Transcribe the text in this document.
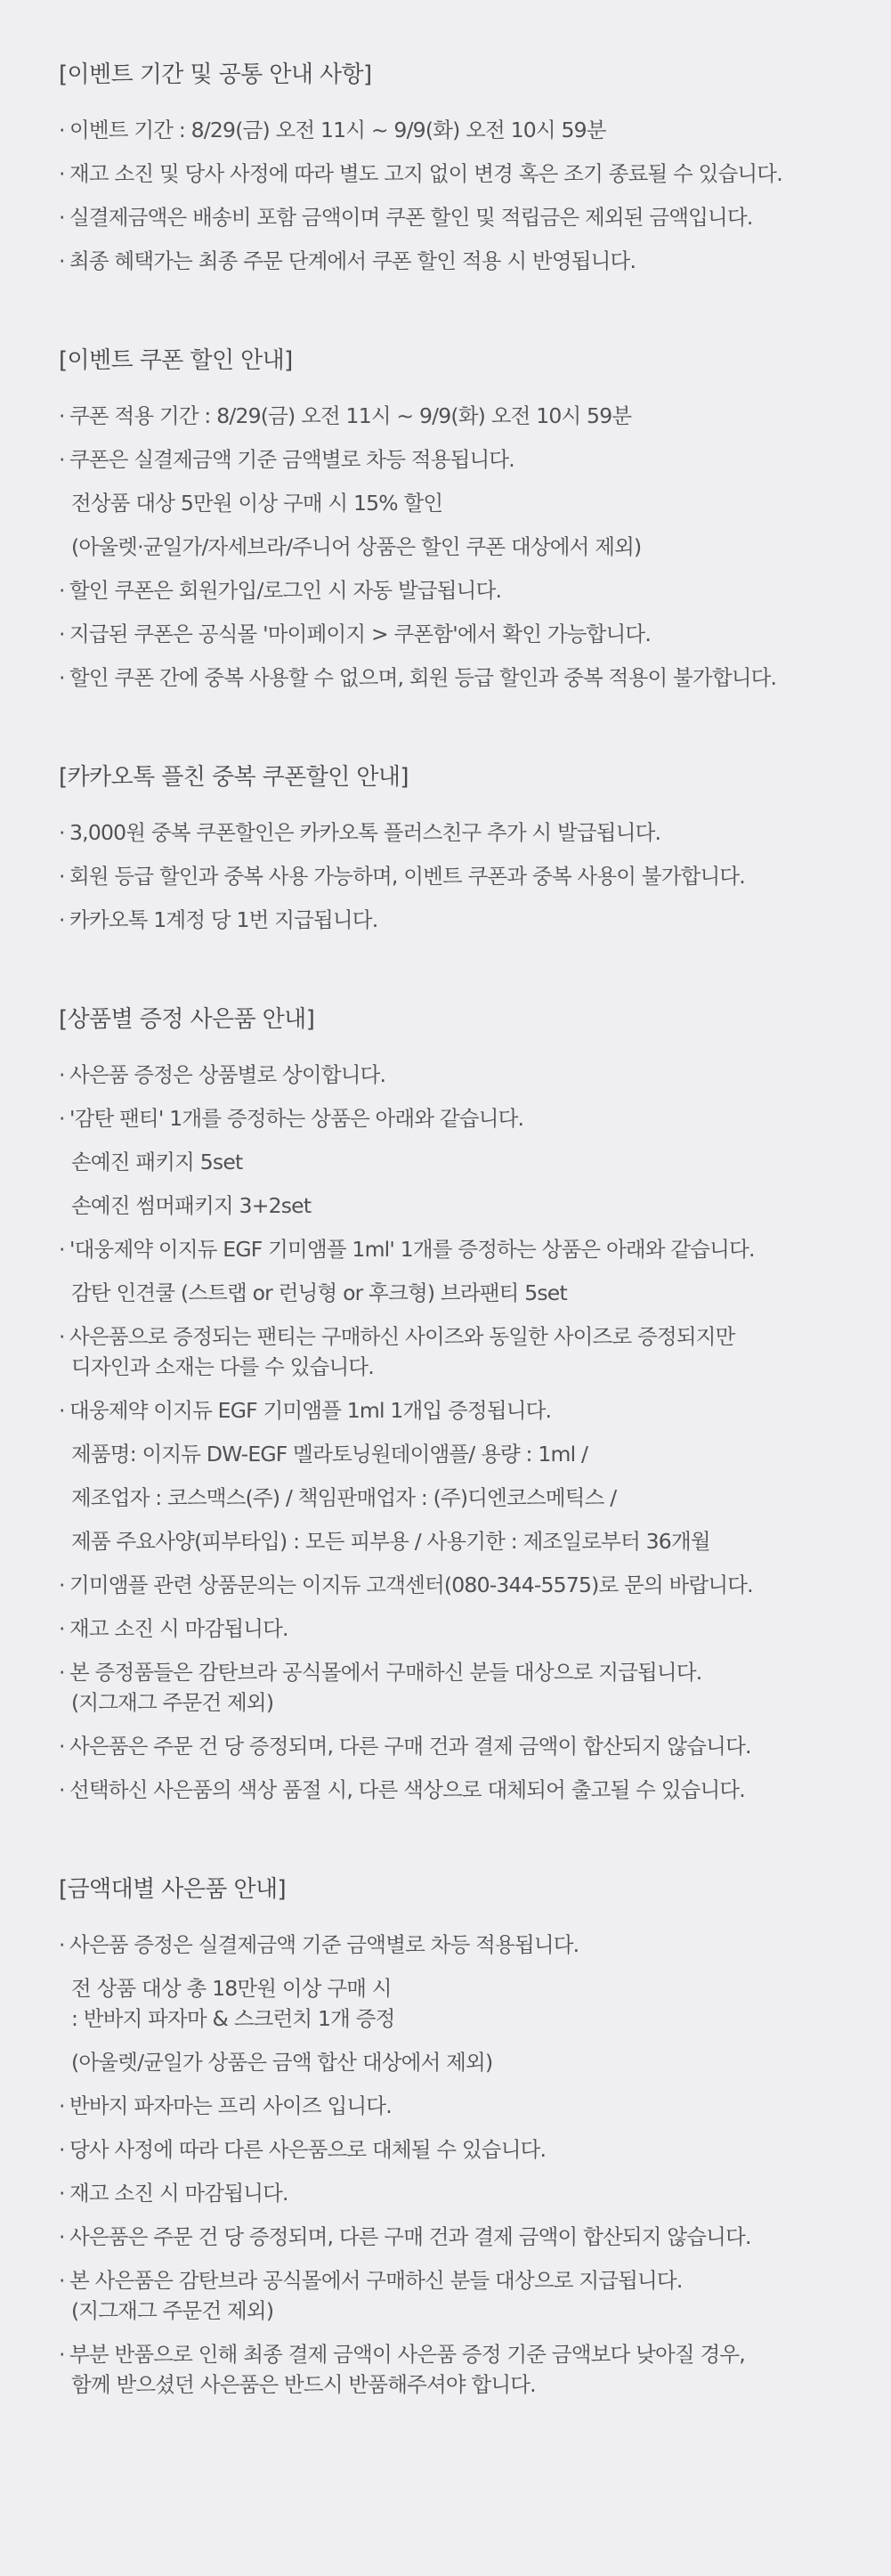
[이벤트 기간 및 공통 안내 사항]
· 이벤트 기간 : 8/29(금) 오전 11시 ~ 9/9(화) 오전 10시 59분
· 재고 소진 및 당사 사정에 따라 별도 고지 없이 변경 혹은 조기 종료될 수 있습니다.
· 실결제금액은 배송비 포함 금액이며 쿠폰 할인 및 적립금은 제외된 금액입니다.
· 최종 혜택가는 최종 주문 단계에서 쿠폰 할인 적용 시 반영됩니다.
[이벤트 쿠폰 할인 안내]
· 쿠폰 적용 기간 : 8/29(금) 오전 11시 ~ 9/9(화) 오전 10시 59분
· 쿠폰은 실결제금액 기준 금액별로 차등 적용됩니다.
전상품 대상 5만원 이상 구매 시 15% 할인
(아울렛·균일가/자세브라/주니어 상품은 할인 쿠폰 대상에서 제외)
· 할인 쿠폰은 회원가입/로그인 시 자동 발급됩니다.
· 지급된 쿠폰은 공식몰 '마이페이지 > 쿠폰함'에서 확인 가능합니다.
· 할인 쿠폰 간에 중복 사용할 수 없으며, 회원 등급 할인과 중복 적용이 불가합니다.
[카카오톡 플친 중복 쿠폰할인 안내]
· 3,000원 중복 쿠폰할인은 카카오톡 플러스친구 추가 시 발급됩니다.
· 회원 등급 할인과 중복 사용 가능하며, 이벤트 쿠폰과 중복 사용이 불가합니다.
· 카카오톡 1계정 당 1번 지급됩니다.
[상품별 증정 사은품 안내]
· 사은품 증정은 상품별로 상이합니다.
· '감탄 팬티' 1개를 증정하는 상품은 아래와 같습니다.
손예진 패키지 5set
손예진 썸머패키지 3+2set
· '대웅제약 이지듀 EGF 기미앰플 1ml' 1개를 증정하는 상품은 아래와 같습니다.
감탄 인견쿨 (스트랩 or 런닝형 or 후크형) 브라팬티 5set
· 사은품으로 증정되는 팬티는 구매하신 사이즈와 동일한 사이즈로 증정되지만
디자인과 소재는 다를 수 있습니다.
· 대웅제약 이지듀 EGF 기미앰플 1ml 1개입 증정됩니다.
제품명: 이지듀 DW-EGF 멜라토닝원데이앰플/ 용량 : 1ml /
제조업자 : 코스맥스(주) / 책임판매업자 : (주)디엔코스메틱스 /
제품 주요사양(피부타입) : 모든 피부용 / 사용기한 : 제조일로부터 36개월
· 기미앰플 관련 상품문의는 이지듀 고객센터(080-344-5575)로 문의 바랍니다.
· 재고 소진 시 마감됩니다.
· 본 증정품들은 감탄브라 공식몰에서 구매하신 분들 대상으로 지급됩니다.
(지그재그 주문건 제외)
· 사은품은 주문 건 당 증정되며, 다른 구매 건과 결제 금액이 합산되지 않습니다.
· 선택하신 사은품의 색상 품절 시, 다른 색상으로 대체되어 출고될 수 있습니다.
[금액대별 사은품 안내]
· 사은품 증정은 실결제금액 기준 금액별로 차등 적용됩니다.
전 상품 대상 총 18만원 이상 구매 시
: 반바지 파자마 & 스크런치 1개 증정
(아울렛/균일가 상품은 금액 합산 대상에서 제외)
· 반바지 파자마는 프리 사이즈 입니다.
· 당사 사정에 따라 다른 사은품으로 대체될 수 있습니다.
· 재고 소진 시 마감됩니다.
· 사은품은 주문 건 당 증정되며, 다른 구매 건과 결제 금액이 합산되지 않습니다.
· 본 사은품은 감탄브라 공식몰에서 구매하신 분들 대상으로 지급됩니다.
(지그재그 주문건 제외)
· 부분 반품으로 인해 최종 결제 금액이 사은품 증정 기준 금액보다 낮아질 경우,
함께 받으셨던 사은품은 반드시 반품해주셔야 합니다.
